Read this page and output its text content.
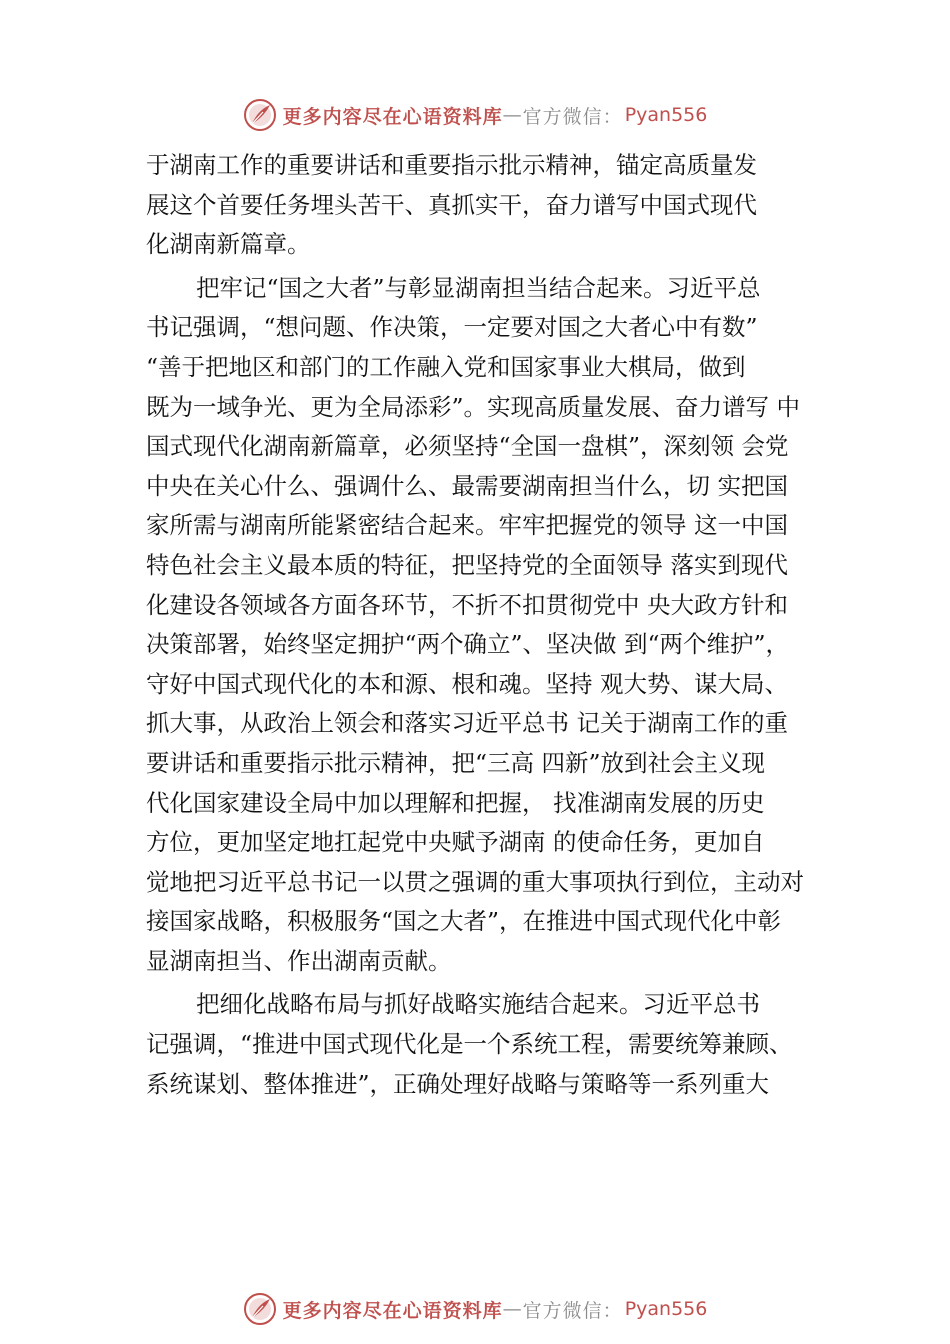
更多内容尽在心语资料库 — 官方微信： Pyan556
于湖南工作的重要讲话和重要指示批示精神，锚定高质量发
展这个首要任务埋头苦干、真抓实干，奋力谱写中国式现代
化湖南新篇章。
把牢记“国之大者”与彰显湖南担当结合起来。习近平总
书记强调，“想问题、作决策，一定要对国之大者心中有数”
“善于把地区和部门的工作融入党和国家事业大棋局，做到
既为一域争光、更为全局添彩”。实现高质量发展、奋力谱写 中
国式现代化湖南新篇章，必须坚持“全国一盘棋”，深刻领 会党
中央在关心什么、强调什么、最需要湖南担当什么，切 实把国
家所需与湖南所能紧密结合起来。牢牢把握党的领导 这一中国
特色社会主义最本质的特征，把坚持党的全面领导 落实到现代
化建设各领域各方面各环节，不折不扣贯彻党中 央大政方针和
决策部署，始终坚定拥护“两个确立”、坚决做 到“两个维护”，
守好中国式现代化的本和源、根和魂。坚持 观大势、谋大局、
抓大事，从政治上领会和落实习近平总书 记关于湖南工作的重
要讲话和重要指示批示精神，把“三高 四新”放到社会主义现
代化国家建设全局中加以理解和把握， 找准湖南发展的历史
方位，更加坚定地扛起党中央赋予湖南 的使命任务，更加自
觉地把习近平总书记一以贯之强调的重大事项执行到位，主动对
接国家战略，积极服务“国之大者”，在推进中国式现代化中彰
显湖南担当、作出湖南贡献。
把细化战略布局与抓好战略实施结合起来。习近平总书
记强调，“推进中国式现代化是一个系统工程，需要统筹兼顾、
系统谋划、整体推进”，正确处理好战略与策略等一系列重大
更多内容尽在心语资料库 — 官方微信： Pyan556
